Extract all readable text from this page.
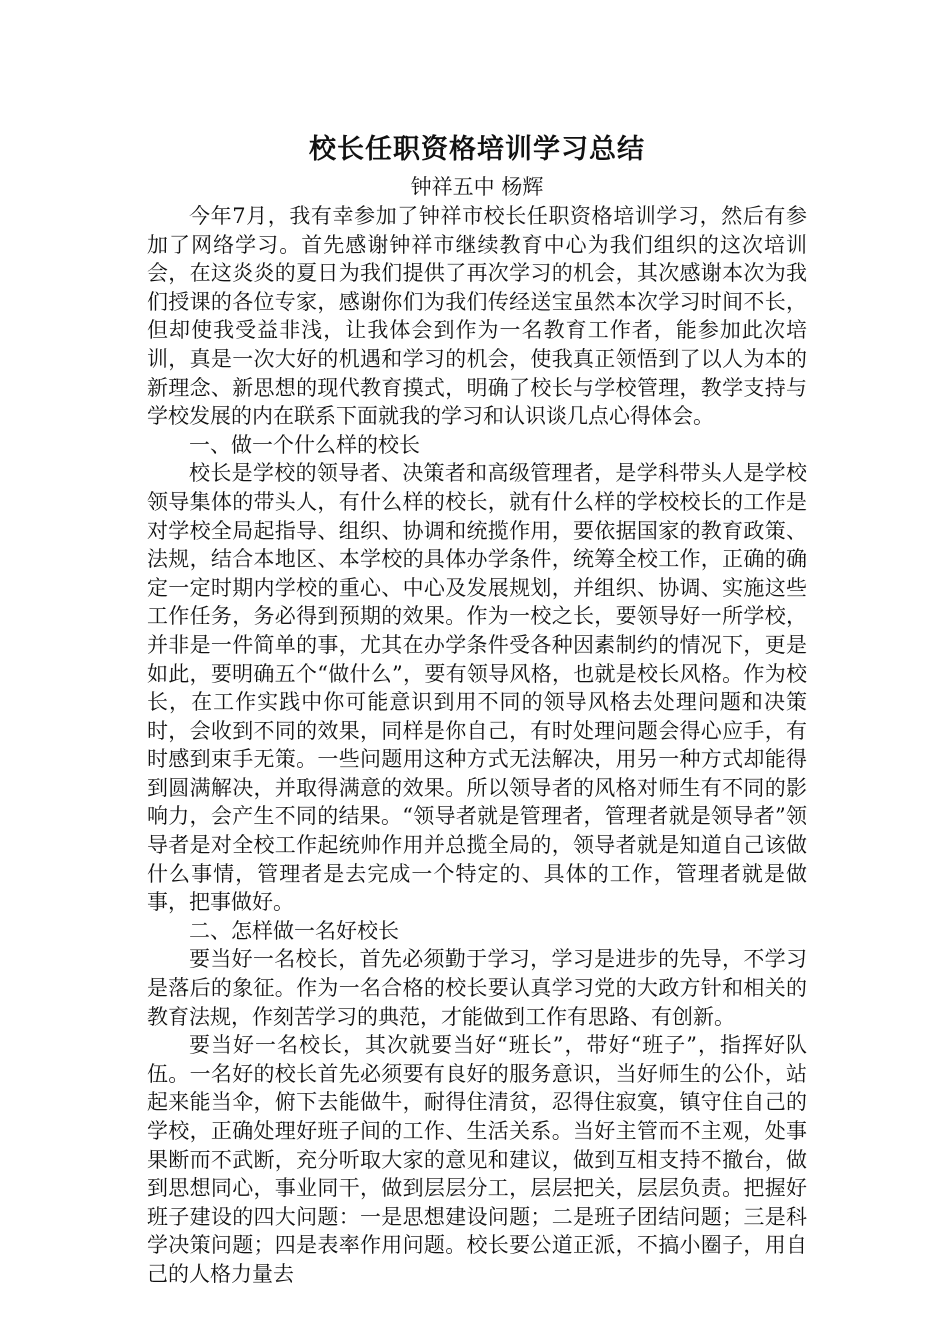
校长任职资格培训学习总结

钟祥五中 杨辉

今年7月，我有幸参加了钟祥市校长任职资格培训学习，然后有参加了网络学习。首先感谢钟祥市继续教育中心为我们组织的这次培训会，在这炎炎的夏日为我们提供了再次学习的机会，其次感谢本次为我们授课的各位专家，感谢你们为我们传经送宝虽然本次学习时间不长，但却使我受益非浅，让我体会到作为一名教育工作者，能参加此次培训，真是一次大好的机遇和学习的机会，使我真正领悟到了以人为本的新理念、新思想的现代教育摸式，明确了校长与学校管理，教学支持与学校发展的内在联系下面就我的学习和认识谈几点心得体会。

一、做一个什么样的校长

校长是学校的领导者、决策者和高级管理者，是学科带头人是学校领导集体的带头人，有什么样的校长，就有什么样的学校校长的工作是对学校全局起指导、组织、协调和统揽作用，要依据国家的教育政策、法规，结合本地区、本学校的具体办学条件，统筹全校工作，正确的确定一定时期内学校的重心、中心及发展规划，并组织、协调、实施这些工作任务，务必得到预期的效果。作为一校之长，要领导好一所学校，并非是一件简单的事，尤其在办学条件受各种因素制约的情况下，更是如此，要明确五个“做什么”，要有领导风格，也就是校长风格。作为校长，在工作实践中你可能意识到用不同的领导风格去处理问题和决策时，会收到不同的效果，同样是你自己，有时处理问题会得心应手，有时感到束手无策。一些问题用这种方式无法解决，用另一种方式却能得到圆满解决，并取得满意的效果。所以领导者的风格对师生有不同的影响力，会产生不同的结果。“领导者就是管理者，管理者就是领导者”领导者是对全校工作起统帅作用并总揽全局的，领导者就是知道自己该做什么事情，管理者是去完成一个特定的、具体的工作，管理者就是做事，把事做好。

二、怎样做一名好校长

要当好一名校长，首先必须勤于学习，学习是进步的先导，不学习是落后的象征。作为一名合格的校长要认真学习党的大政方针和相关的教育法规，作刻苦学习的典范，才能做到工作有思路、有创新。

要当好一名校长，其次就要当好“班长”，带好“班子”，指挥好队伍。一名好的校长首先必须要有良好的服务意识，当好师生的公仆，站起来能当伞，俯下去能做牛，耐得住清贫，忍得住寂寞，镇守住自己的学校，正确处理好班子间的工作、生活关系。当好主管而不主观，处事果断而不武断，充分听取大家的意见和建议，做到互相支持不撤台，做到思想同心，事业同干，做到层层分工，层层把关，层层负责。把握好班子建设的四大问题：一是思想建设问题；二是班子团结问题；三是科学决策问题；四是表率作用问题。校长要公道正派，不搞小圈子，用自己的人格力量去
